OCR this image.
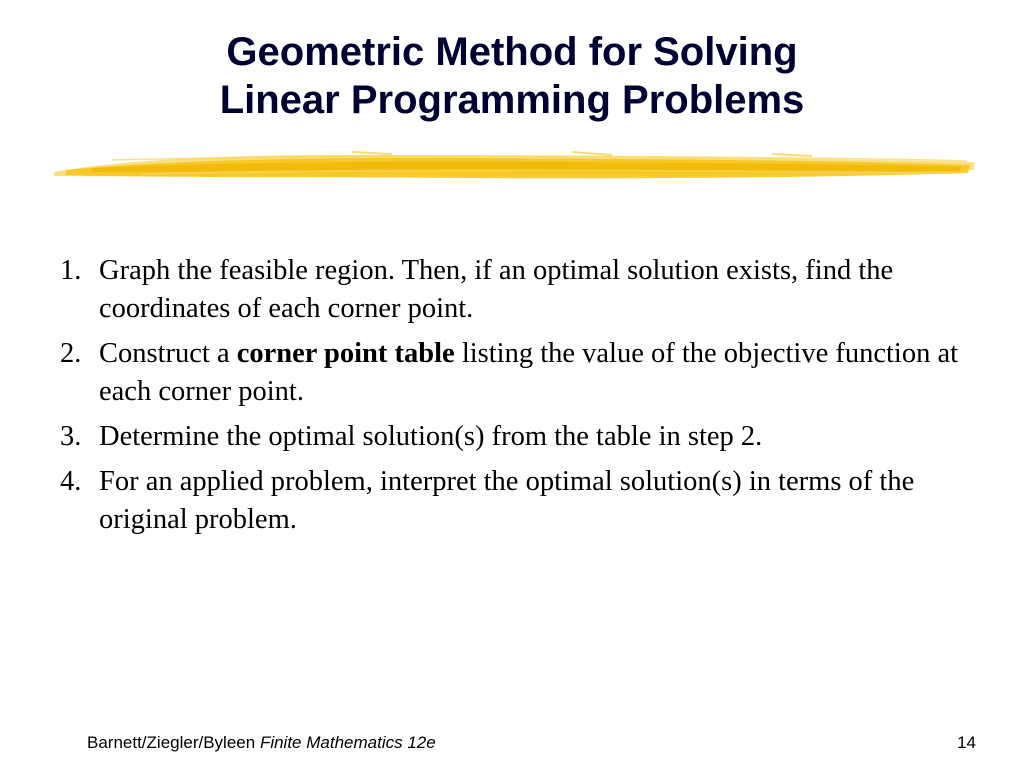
Geometric Method for Solving
Linear Programming Problems
1. Graph the feasible region. Then, if an optimal solution exists, find the coordinates of each corner point.
2. Construct a corner point table listing the value of the objective function at each corner point.
3. Determine the optimal solution(s) from the table in step 2.
4. For an applied problem, interpret the optimal solution(s) in terms of the original problem.
Barnett/Ziegler/Byleen Finite Mathematics 12e	14
